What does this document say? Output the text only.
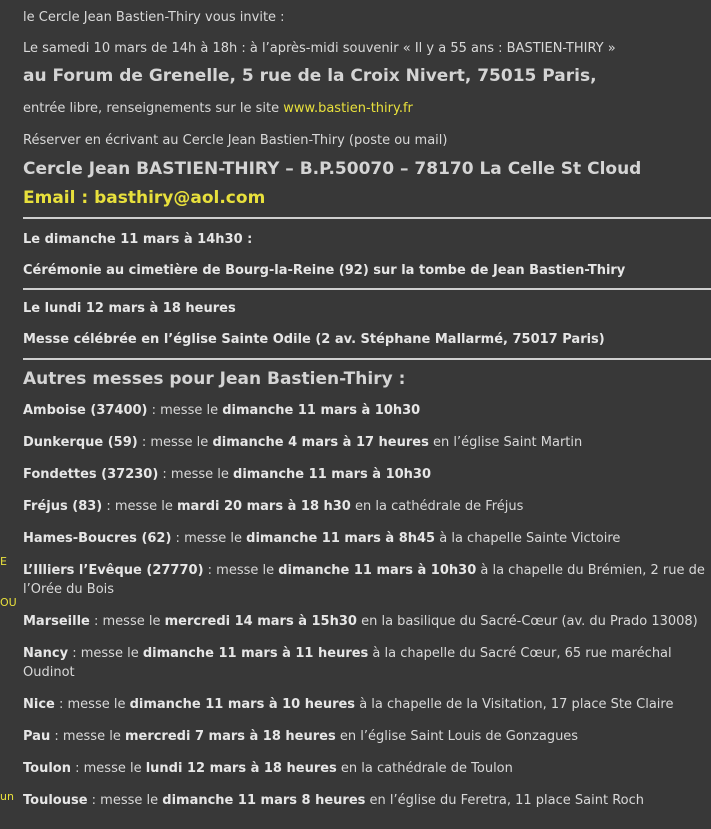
E
OU
un
le Cercle Jean Bastien-Thiry vous invite :
Le samedi 10 mars de 14h à 18h : à l’après-midi souvenir « Il y a 55 ans : BASTIEN-THIRY »
au Forum de Grenelle, 5 rue de la Croix Nivert, 75015 Paris,
entrée libre, renseignements sur le site www.bastien-thiry.fr
Réserver en écrivant au Cercle Jean Bastien-Thiry (poste ou mail)
Cercle Jean BASTIEN-THIRY – B.P.50070 – 78170 La Celle St Cloud
Email : basthiry@aol.com
Le dimanche 11 mars à 14h30 :
Cérémonie au cimetière de Bourg-la-Reine (92) sur la tombe de Jean Bastien-Thiry
Le lundi 12 mars à 18 heures
Messe célébrée en l’église Sainte Odile (2 av. Stéphane Mallarmé, 75017 Paris)
Autres messes pour Jean Bastien-Thiry :
Amboise (37400) : messe le dimanche 11 mars à 10h30
Dunkerque (59) : messe le dimanche 4 mars à 17 heures en l’église Saint Martin
Fondettes (37230) : messe le dimanche 11 mars à 10h30
Fréjus (83) : messe le mardi 20 mars à 18 h30 en la cathédrale de Fréjus
Hames-Boucres (62) : messe le dimanche 11 mars à 8h45 à la chapelle Sainte Victoire
L’Illiers l’Evêque (27770) : messe le dimanche 11 mars à 10h30 à la chapelle du Brémien, 2 rue de l’Orée du Bois
Marseille : messe le mercredi 14 mars à 15h30 en la basilique du Sacré-Cœur (av. du Prado 13008)
Nancy : messe le dimanche 11 mars à 11 heures à la chapelle du Sacré Cœur, 65 rue maréchal Oudinot
Nice : messe le dimanche 11 mars à 10 heures à la chapelle de la Visitation, 17 place Ste Claire
Pau : messe le mercredi 7 mars à 18 heures en l’église Saint Louis de Gonzagues
Toulon : messe le lundi 12 mars à 18 heures en la cathédrale de Toulon
Toulouse : messe le dimanche 11 mars 8 heures en l’église du Feretra, 11 place Saint Roch
